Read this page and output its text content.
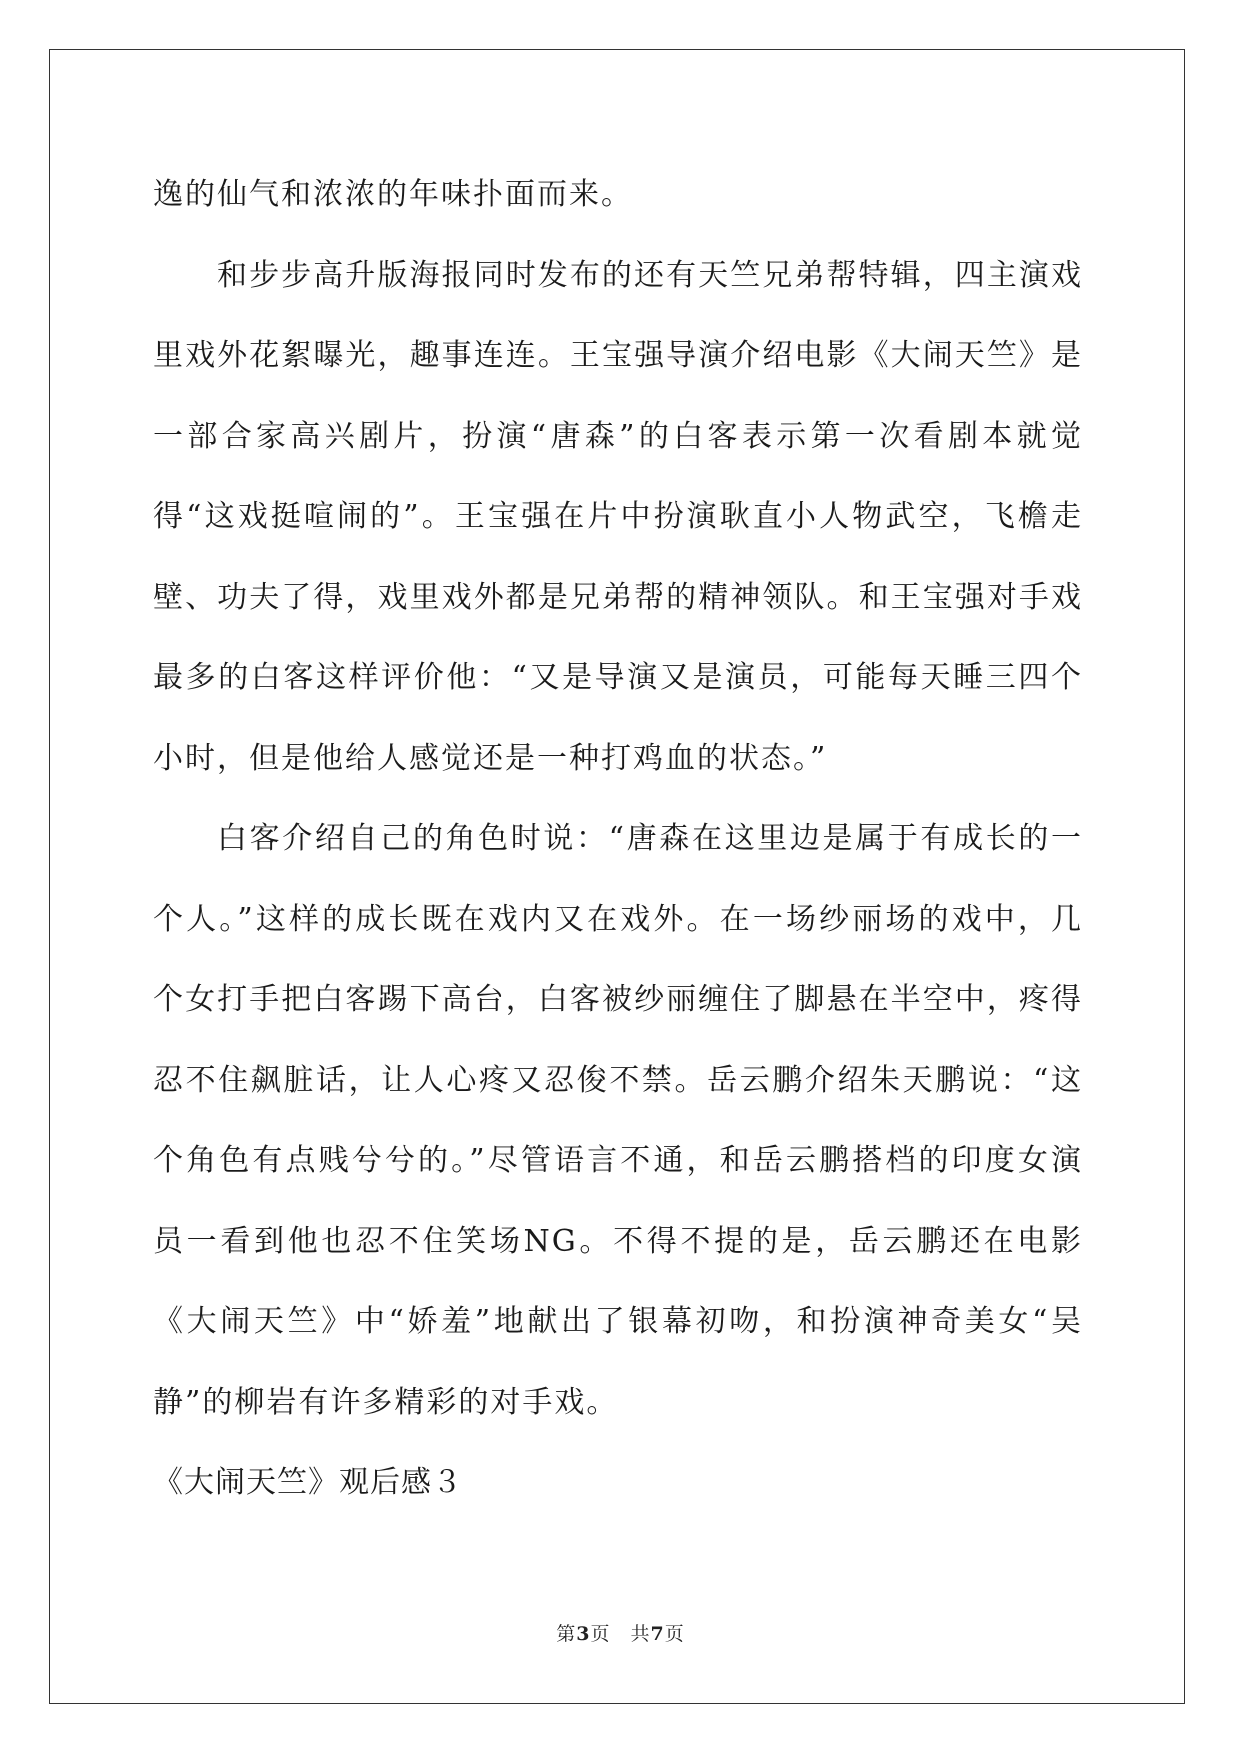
逸的仙气和浓浓的年味扑面而来。

和步步高升版海报同时发布的还有天竺兄弟帮特辑，四主演戏里戏外花絮曝光，趣事连连。王宝强导演介绍电影《大闹天竺》是一部合家高兴剧片，扮演“唐森”的白客表示第一次看剧本就觉得“这戏挺喧闹的”。王宝强在片中扮演耿直小人物武空，飞檐走壁、功夫了得，戏里戏外都是兄弟帮的精神领队。和王宝强对手戏最多的白客这样评价他：“又是导演又是演员，可能每天睡三四个小时，但是他给人感觉还是一种打鸡血的状态。”

白客介绍自己的角色时说：“唐森在这里边是属于有成长的一个人。”这样的成长既在戏内又在戏外。在一场纱丽场的戏中，几个女打手把白客踢下高台，白客被纱丽缠住了脚悬在半空中，疼得忍不住飙脏话，让人心疼又忍俊不禁。岳云鹏介绍朱天鹏说：“这个角色有点贱兮兮的。”尽管语言不通，和岳云鹏搭档的印度女演员一看到他也忍不住笑场NG。不得不提的是，岳云鹏还在电影《大闹天竺》中“娇羞”地献出了银幕初吻，和扮演神奇美女“吴静”的柳岩有许多精彩的对手戏。

《大闹天竺》观后感３

第3页　共7页
